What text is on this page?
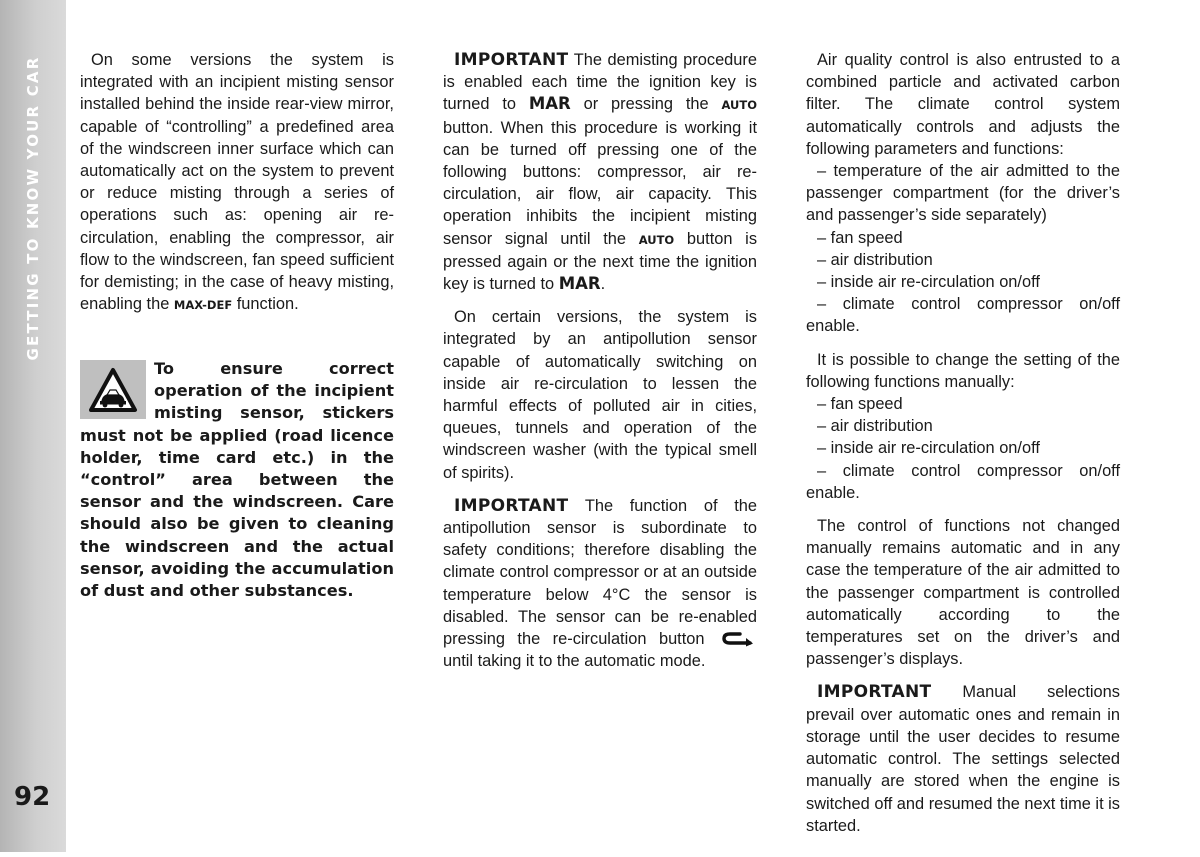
GETTING TO KNOW YOUR CAR
92

On some versions the system is integrated with an incipient misting sensor installed behind the inside rear-view mirror, capable of “controlling” a predefined area of the windscreen inner surface which can automatically act on the system to prevent or reduce misting through a series of operations such as: opening air re-circulation, enabling the compressor, air flow to the windscreen, fan speed sufficient for demisting; in the case of heavy misting, enabling the MAX-DEF function.

To ensure correct operation of the incipient misting sensor, stickers must not be applied (road licence holder, time card etc.) in the “control” area between the sensor and the windscreen. Care should also be given to cleaning the windscreen and the actual sensor, avoiding the accumulation of dust and other substances.

IMPORTANT The demisting procedure is enabled each time the ignition key is turned to MAR or pressing the AUTO button. When this procedure is working it can be turned off pressing one of the following buttons: compressor, air re-circulation, air flow, air capacity. This operation inhibits the incipient misting sensor signal until the AUTO button is pressed again or the next time the ignition key is turned to MAR.

On certain versions, the system is integrated by an antipollution sensor capable of automatically switching on inside air re-circulation to lessen the harmful effects of polluted air in cities, queues, tunnels and operation of the windscreen washer (with the typical smell of spirits).

IMPORTANT The function of the antipollution sensor is subordinate to safety conditions; therefore disabling the climate control compressor or at an outside temperature below 4°C the sensor is disabled. The sensor can be re-enabled pressing the re-circulation button  until taking it to the automatic mode.

Air quality control is also entrusted to a combined particle and activated carbon filter. The climate control system automatically controls and adjusts the following parameters and functions:

– temperature of the air admitted to the passenger compartment (for the driver’s and passenger’s side separately)

– fan speed

– air distribution

– inside air re-circulation on/off

– climate control compressor on/off enable.

It is possible to change the setting of the following functions manually:

– fan speed

– air distribution

– inside air re-circulation on/off

– climate control compressor on/off enable.

The control of functions not changed manually remains automatic and in any case the temperature of the air admitted to the passenger compartment is controlled automatically according to the temperatures set on the driver’s and passenger’s displays.

IMPORTANT Manual selections prevail over automatic ones and remain in storage until the user decides to resume automatic control. The settings selected manually are stored when the engine is switched off and resumed the next time it is started.
